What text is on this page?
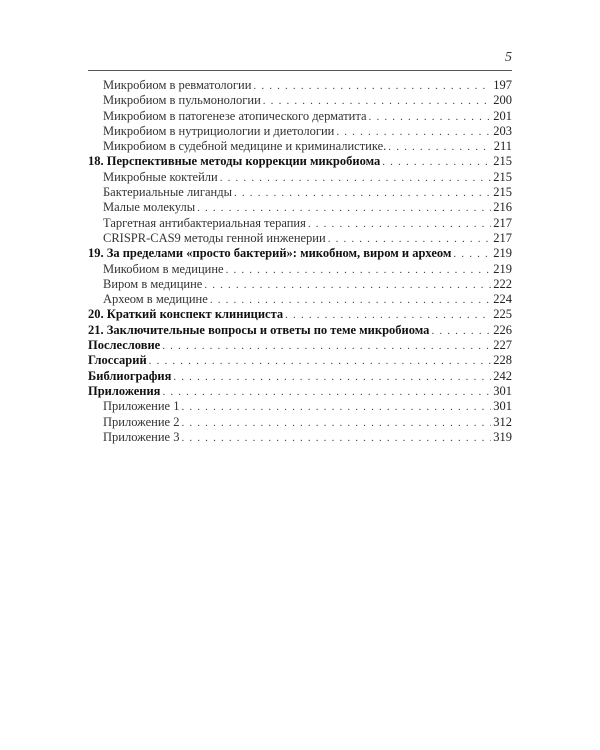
5
Микробиом в ревматологии . . .	197
Микробиом в пульмонологии . . .	200
Микробиом в патогенезе атопического дерматита . . .	201
Микробиом в нутрициологии и диетологии . . .	203
Микробиом в судебной медицине и криминалистике. . . .	211
18. Перспективные методы коррекции микробиома . . .	215
Микробные коктейли . . .	215
Бактериальные лиганды . . .	215
Малые молекулы . . .	216
Таргетная антибактериальная терапия . . .	217
CRISPR-CAS9 методы генной инженерии . . .	217
19. За пределами «просто бактерий»: микобном, виром и археом . . .	219
Микобиом в медицине . . .	219
Виром в медицине . . .	222
Археом в медицине . . .	224
20. Краткий конспект клинициста . . .	225
21. Заключительные вопросы и ответы по теме микробиома . . .	226
Послесловие . . .	227
Глоссарий . . .	228
Библиография . . .	242
Приложения . . .	301
Приложение 1 . . .	301
Приложение 2 . . .	312
Приложение 3 . . .	319
